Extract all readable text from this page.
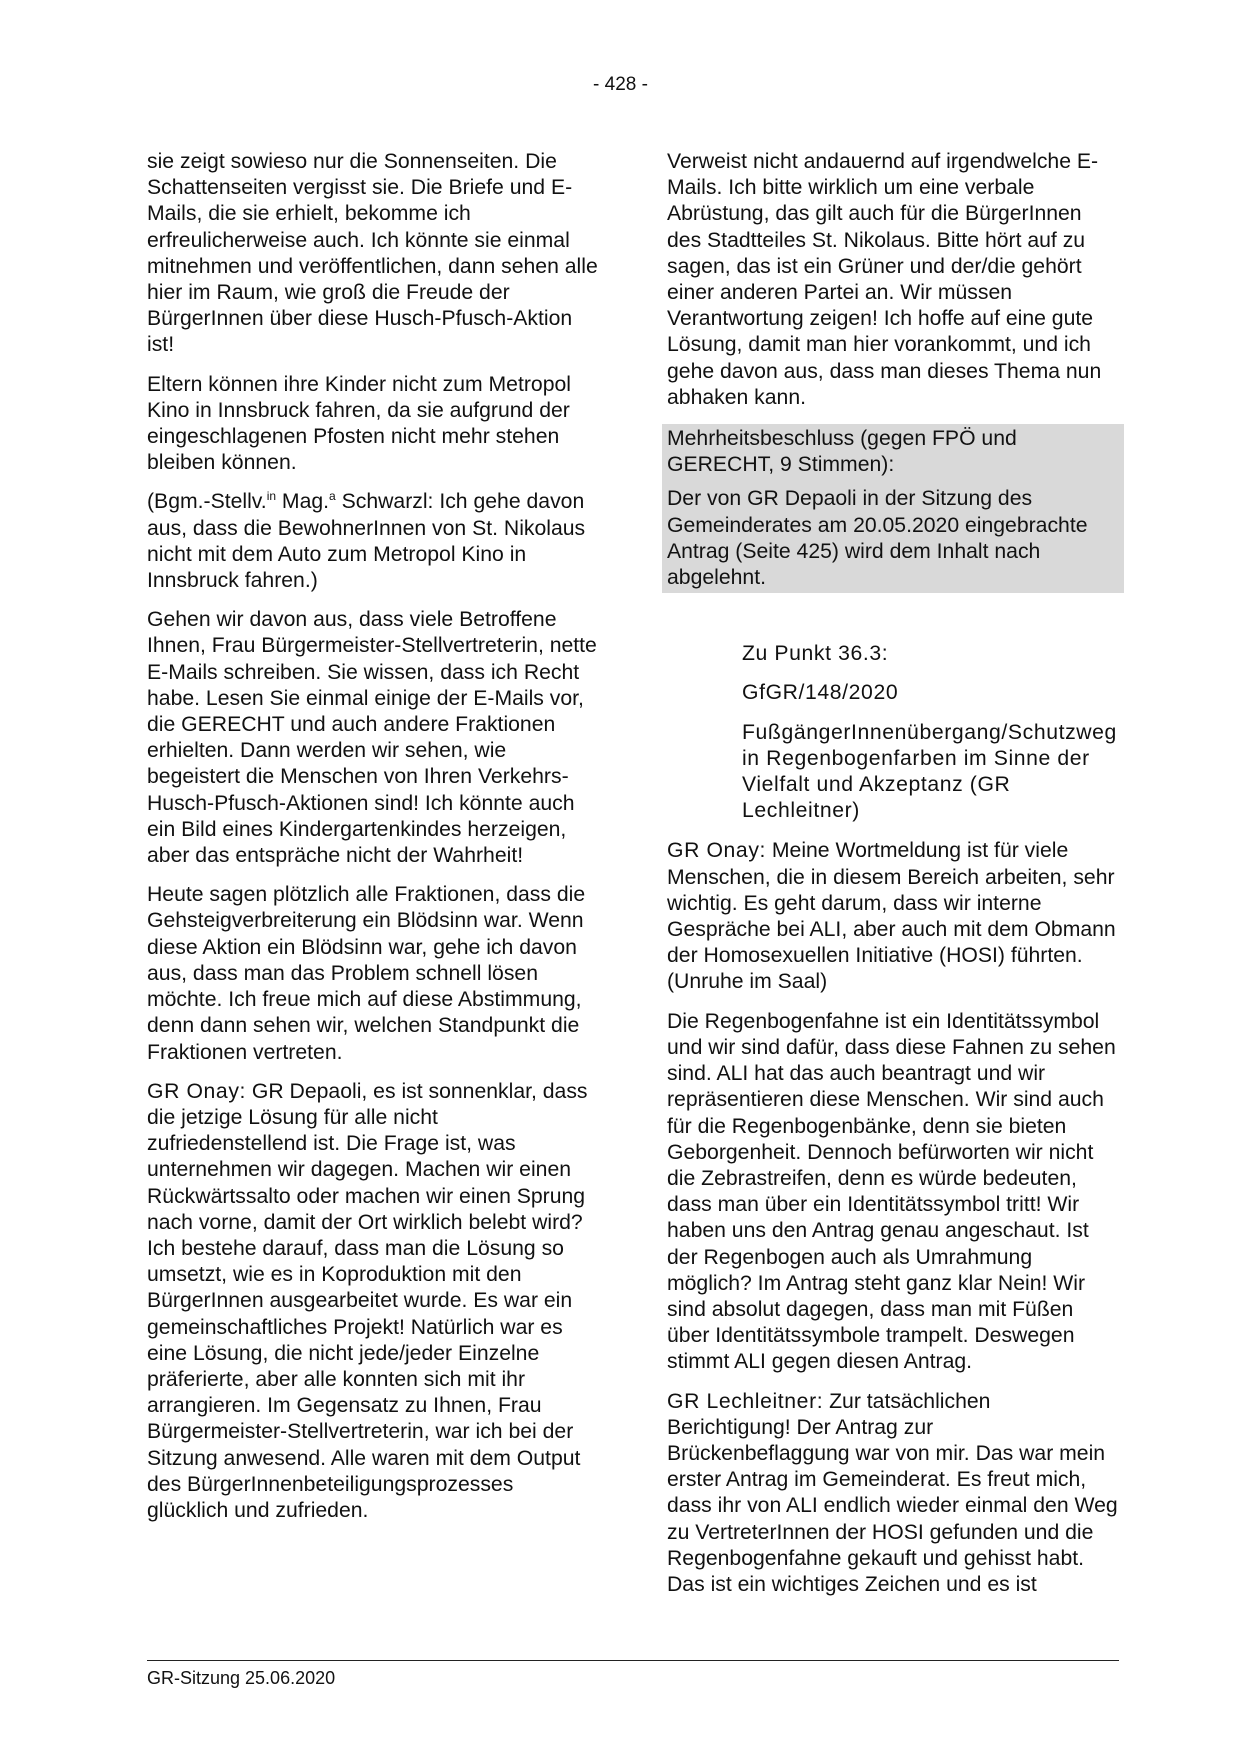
- 428 -

sie zeigt sowieso nur die Sonnenseiten. Die Schattenseiten vergisst sie. Die Briefe und E-Mails, die sie erhielt, bekomme ich erfreulicherweise auch. Ich könnte sie einmal mitnehmen und veröffentlichen, dann sehen alle hier im Raum, wie groß die Freude der BürgerInnen über diese Husch-Pfusch-Aktion ist!

Eltern können ihre Kinder nicht zum Metropol Kino in Innsbruck fahren, da sie aufgrund der eingeschlagenen Pfosten nicht mehr stehen bleiben können.

(Bgm.-Stellv.$^{in}$ Mag.$^a$ Schwarzl: Ich gehe davon aus, dass die BewohnerInnen von St. Nikolaus nicht mit dem Auto zum Metropol Kino in Innsbruck fahren.)

Gehen wir davon aus, dass viele Betroffene Ihnen, Frau Bürgermeister-Stellvertreterin, nette E-Mails schreiben. Sie wissen, dass ich Recht habe. Lesen Sie einmal einige der E-Mails vor, die GERECHT und auch andere Fraktionen erhielten. Dann werden wir sehen, wie begeistert die Menschen von Ihren Verkehrs-Husch-Pfusch-Aktionen sind! Ich könnte auch ein Bild eines Kindergartenkindes herzeigen, aber das entspräche nicht der Wahrheit!

Heute sagen plötzlich alle Fraktionen, dass die Gehsteigverbreiterung ein Blödsinn war. Wenn diese Aktion ein Blödsinn war, gehe ich davon aus, dass man das Problem schnell lösen möchte. Ich freue mich auf diese Abstimmung, denn dann sehen wir, welchen Standpunkt die Fraktionen vertreten.

GR Onay: GR Depaoli, es ist sonnenklar, dass die jetzige Lösung für alle nicht zufriedenstellend ist. Die Frage ist, was unternehmen wir dagegen. Machen wir einen Rückwärtssalto oder machen wir einen Sprung nach vorne, damit der Ort wirklich belebt wird? Ich bestehe darauf, dass man die Lösung so umsetzt, wie es in Koproduktion mit den BürgerInnen ausgearbeitet wurde. Es war ein gemeinschaftliches Projekt! Natürlich war es eine Lösung, die nicht jede/jeder Einzelne präferierte, aber alle konnten sich mit ihr arrangieren. Im Gegensatz zu Ihnen, Frau Bürgermeister-Stellvertreterin, war ich bei der Sitzung anwesend. Alle waren mit dem Output des BürgerInnenbeteiligungsprozesses glücklich und zufrieden.

Verweist nicht andauernd auf irgendwelche E-Mails. Ich bitte wirklich um eine verbale Abrüstung, das gilt auch für die BürgerInnen des Stadtteiles St. Nikolaus. Bitte hört auf zu sagen, das ist ein Grüner und der/die gehört einer anderen Partei an. Wir müssen Verantwortung zeigen! Ich hoffe auf eine gute Lösung, damit man hier vorankommt, und ich gehe davon aus, dass man dieses Thema nun abhaken kann.

Mehrheitsbeschluss (gegen FPÖ und GERECHT, 9 Stimmen):

Der von GR Depaoli in der Sitzung des Gemeinderates am 20.05.2020 eingebrachte Antrag (Seite 425) wird dem Inhalt nach abgelehnt.

Zu Punkt 36.3:

GfGR/148/2020

FußgängerInnenübergang/Schutzweg in Regenbogenfarben im Sinne der Vielfalt und Akzeptanz (GR Lechleitner)

GR Onay: Meine Wortmeldung ist für viele Menschen, die in diesem Bereich arbeiten, sehr wichtig. Es geht darum, dass wir interne Gespräche bei ALI, aber auch mit dem Obmann der Homosexuellen Initiative (HOSI) führten. (Unruhe im Saal)

Die Regenbogenfahne ist ein Identitätssymbol und wir sind dafür, dass diese Fahnen zu sehen sind. ALI hat das auch beantragt und wir repräsentieren diese Menschen. Wir sind auch für die Regenbogenbänke, denn sie bieten Geborgenheit. Dennoch befürworten wir nicht die Zebrastreifen, denn es würde bedeuten, dass man über ein Identitätssymbol tritt! Wir haben uns den Antrag genau angeschaut. Ist der Regenbogen auch als Umrahmung möglich? Im Antrag steht ganz klar Nein! Wir sind absolut dagegen, dass man mit Füßen über Identitätssymbole trampelt. Deswegen stimmt ALI gegen diesen Antrag.

GR Lechleitner: Zur tatsächlichen Berichtigung! Der Antrag zur Brückenbeflaggung war von mir. Das war mein erster Antrag im Gemeinderat. Es freut mich, dass ihr von ALI endlich wieder einmal den Weg zu VertreterInnen der HOSI gefunden und die Regenbogenfahne gekauft und gehisst habt. Das ist ein wichtiges Zeichen und es ist

GR-Sitzung 25.06.2020
